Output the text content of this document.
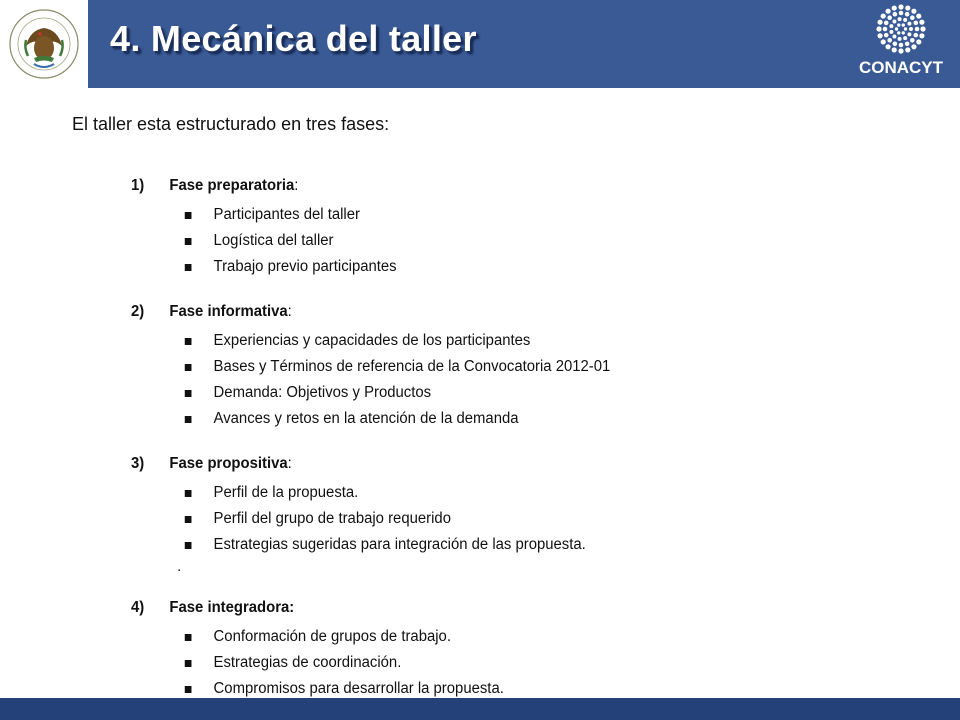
4. Mecánica del taller
CONACYT
El taller esta estructurado en tres fases:
1)	Fase preparatoria :
Participantes del taller
Logística del taller
Trabajo previo participantes
2)	Fase informativa :
Experiencias y capacidades de los participantes
Bases y Términos de referencia de la Convocatoria 2012-01
Demanda: Objetivos y Productos
Avances y retos en la atención de la demanda
3)	Fase propositiva :
Perfil de la propuesta.
Perfil del grupo de trabajo requerido
Estrategias sugeridas para integración de las propuesta.
.
4)	Fase integradora:
Conformación de grupos de trabajo.
Estrategias de coordinación.
Compromisos para desarrollar la propuesta.
